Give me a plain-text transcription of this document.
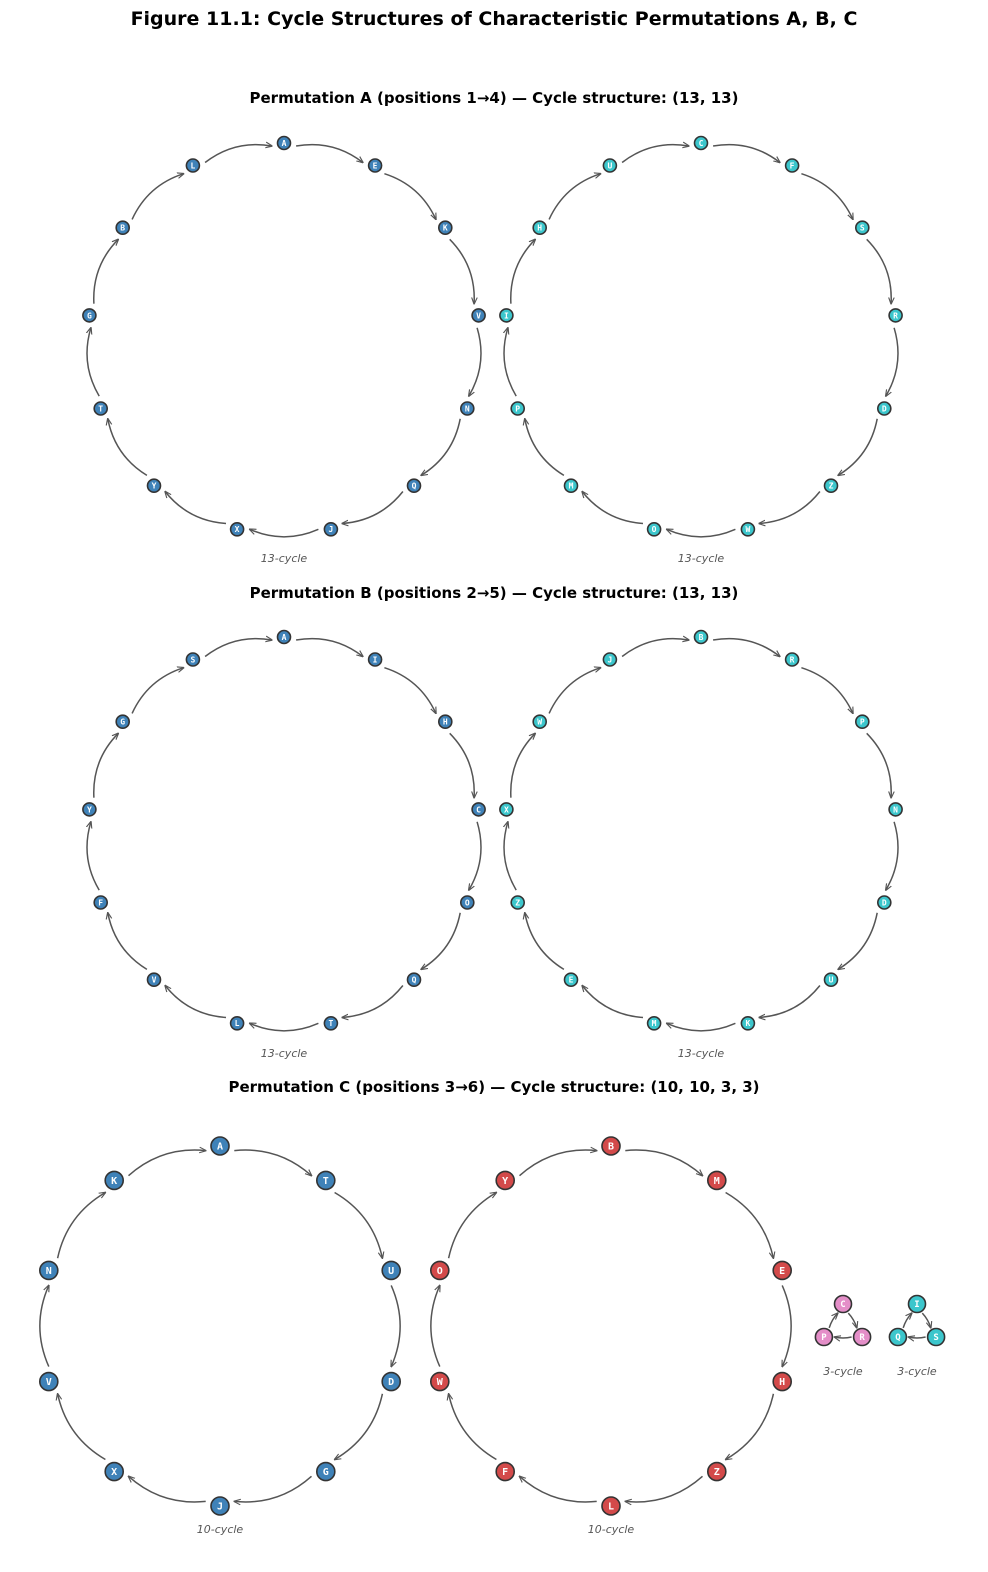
Figure 11.1: Cycle Structures of Characteristic Permutations A, B, C
Permutation A (positions 1→4) — Cycle structure: (13, 13)
Permutation B (positions 2→5) — Cycle structure: (13, 13)
Permutation C (positions 3→6) — Cycle structure: (10, 10, 3, 3)
A
E
K
V
N
Q
J
X
Y
T
G
B
L
13-cycle
C
F
S
R
D
Z
W
O
M
P
I
H
U
13-cycle
A
I
H
C
O
Q
T
L
V
F
Y
G
S
13-cycle
B
R
P
N
D
U
K
M
E
Z
X
W
J
13-cycle
A
T
U
D
G
J
X
V
N
K
10-cycle
B
M
E
H
Z
L
F
W
O
Y
10-cycle
C
R
P
3-cycle
I
S
Q
3-cycle
